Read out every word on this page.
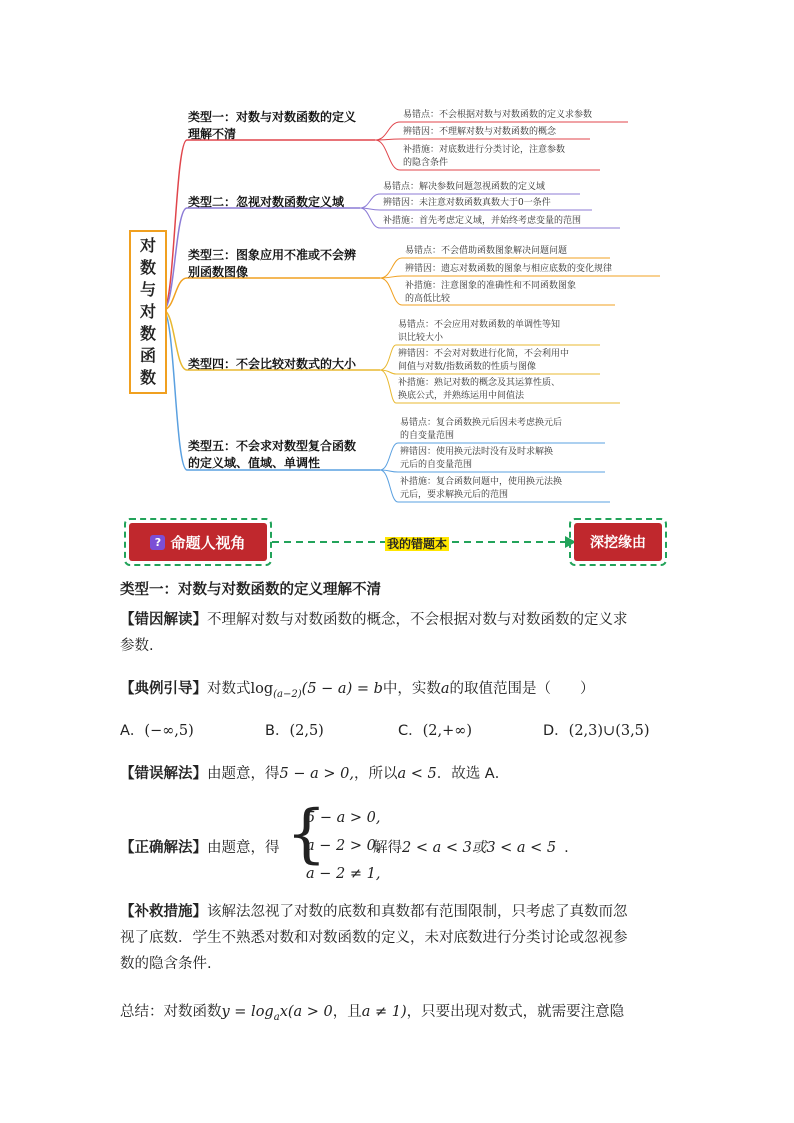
对
数
与
对
数
函
数
类型一：对数与对数函数的定义
理解不清
易错点：不会根据对数与对数函数的定义求参数
辨错因：不理解对数与对数函数的概念
补措施：对底数进行分类讨论，注意参数
的隐含条件
类型二：忽视对数函数定义域
易错点：解决参数问题忽视函数的定义域
辨错因：未注意对数函数真数大于0一条件
补措施：首先考虑定义域，并始终考虑变量的范围
类型三：图象应用不准或不会辨
别函数图像
易错点：不会借助函数图象解决问题问题
辨错因：遗忘对数函数的图象与相应底数的变化规律
补措施：注意图象的准确性和不同函数图象
的高低比较
类型四：不会比较对数式的大小
易错点：不会应用对数函数的单调性等知
识比较大小
辨错因：不会对对数进行化简，不会利用中
间值与对数/指数函数的性质与图像
补措施：熟记对数的概念及其运算性质、
换底公式，并熟练运用中间值法
类型五：不会求对数型复合函数
的定义域、值域、单调性
易错点：复合函数换元后因未考虑换元后
的自变量范围
辨错因：使用换元法时没有及时求解换
元后的自变量范围
补措施：复合函数问题中，使用换元法换
元后，要求解换元后的范围
? 命题人视角	我的错题本	深挖缘由
类型一：对数与对数函数的定义理解不清
【错因解读】不理解对数与对数函数的概念，不会根据对数与对数函数的定义求
参数.
【典例引导】对数式$\log_{(a-2)}(5 - a) = b$中，实数a的取值范围是（　　）
A．(−∞,5)	B．(2,5)	C．(2,+∞)	D．(2,3)∪(3,5)
【错误解法】由题意，得5 − a > 0,，所以a < 5．故选 A．
【正确解法】由题意，得 {
5 − a > 0,
a − 2 > 0,
a − 2 ≠ 1,
解得2 < a < 3或3 < a < 5 .
【补救措施】该解法忽视了对数的底数和真数都有范围限制，只考虑了真数而忽
视了底数．学生不熟悉对数和对数函数的定义，未对底数进行分类讨论或忽视参
数的隐含条件.
总结：对数函数$y = \log_ax(a > 0$，且a ≠ 1)，只要出现对数式，就需要注意隐
